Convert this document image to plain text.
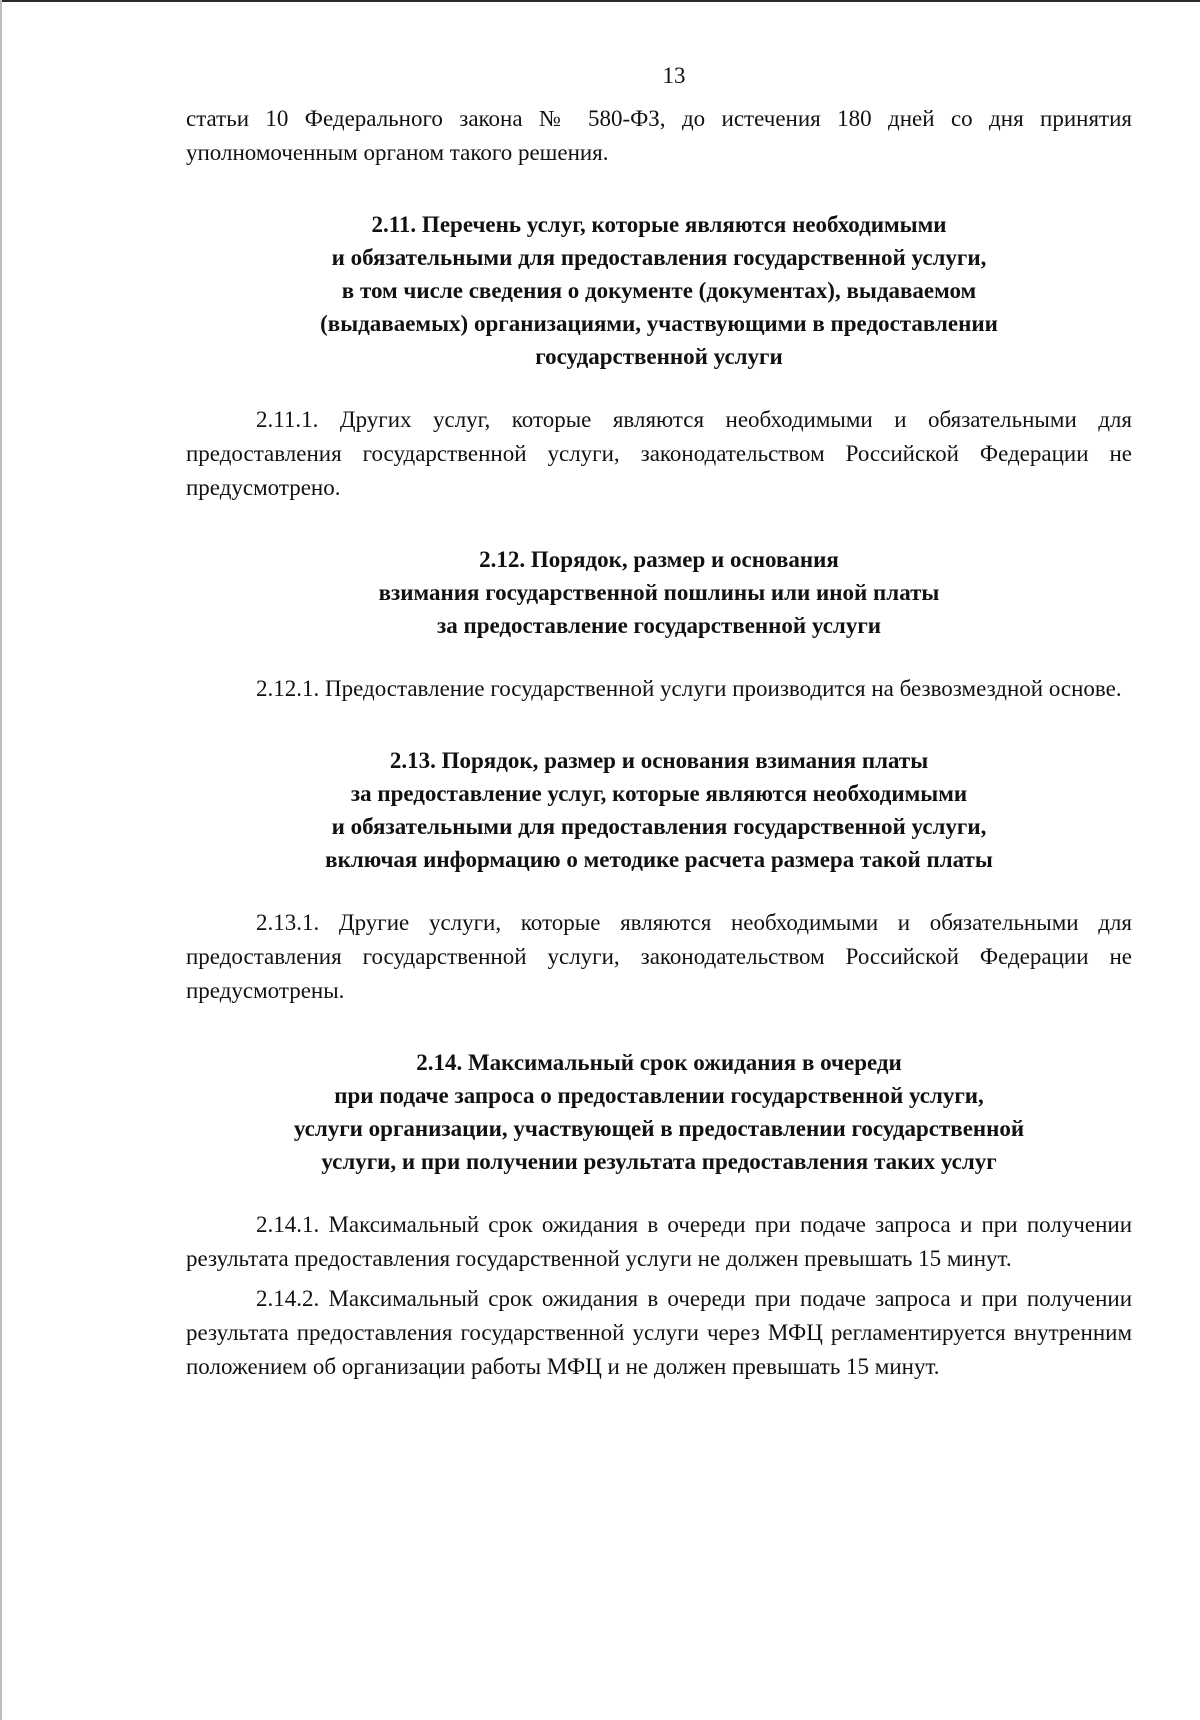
13

статьи 10 Федерального закона № 580-ФЗ, до истечения 180 дней со дня принятия уполномоченным органом такого решения.

2.11. Перечень услуг, которые являются необходимыми
и обязательными для предоставления государственной услуги,
в том числе сведения о документе (документах), выдаваемом
(выдаваемых) организациями, участвующими в предоставлении
государственной услуги

2.11.1. Других услуг, которые являются необходимыми и обязательными для предоставления государственной услуги, законодательством Российской Федерации не предусмотрено.

2.12. Порядок, размер и основания
взимания государственной пошлины или иной платы
за предоставление государственной услуги

2.12.1. Предоставление государственной услуги производится на безвозмездной основе.

2.13. Порядок, размер и основания взимания платы
за предоставление услуг, которые являются необходимыми
и обязательными для предоставления государственной услуги,
включая информацию о методике расчета размера такой платы

2.13.1. Другие услуги, которые являются необходимыми и обязательными для предоставления государственной услуги, законодательством Российской Федерации не предусмотрены.

2.14. Максимальный срок ожидания в очереди
при подаче запроса о предоставлении государственной услуги,
услуги организации, участвующей в предоставлении государственной
услуги, и при получении результата предоставления таких услуг

2.14.1. Максимальный срок ожидания в очереди при подаче запроса и при получении результата предоставления государственной услуги не должен превышать 15 минут.

2.14.2. Максимальный срок ожидания в очереди при подаче запроса и при получении результата предоставления государственной услуги через МФЦ регламентируется внутренним положением об организации работы МФЦ и не должен превышать 15 минут.
